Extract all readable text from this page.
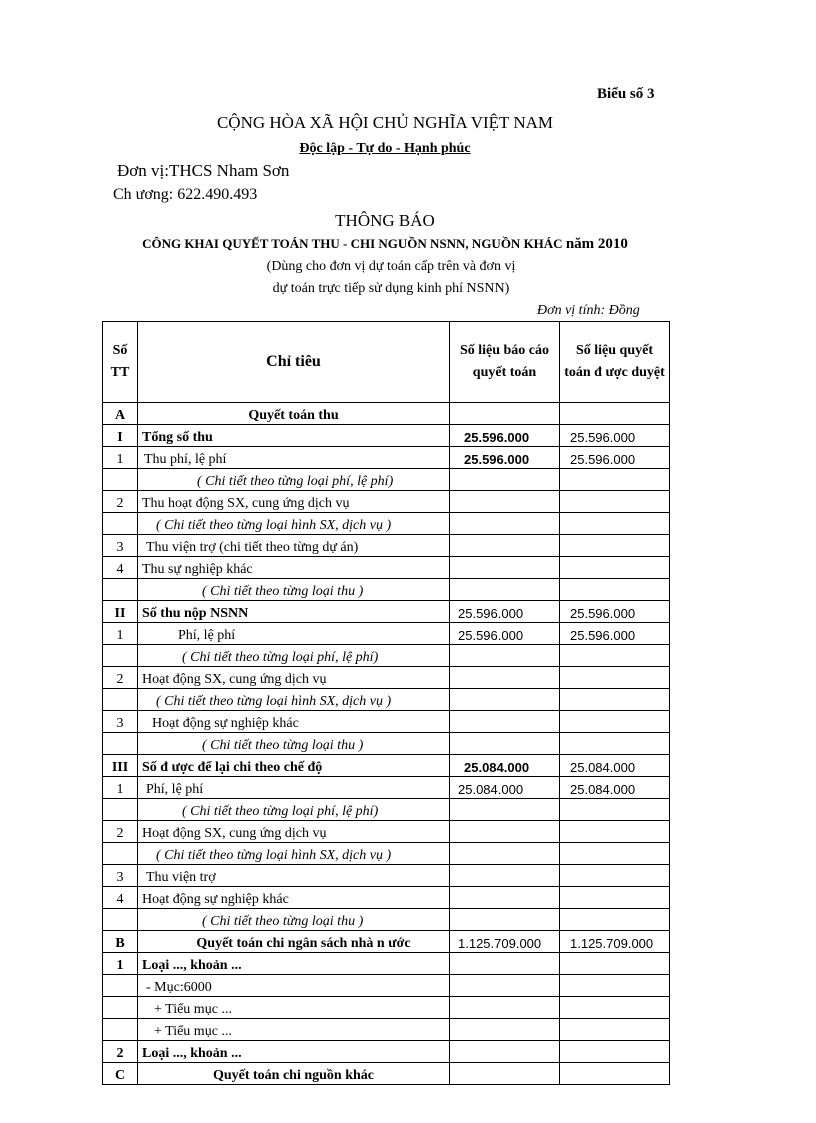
Biểu số 3
CỘNG HÒA XÃ HỘI CHỦ NGHĨA VIỆT NAM
Độc lập - Tự do - Hạnh phúc
Đơn vị:THCS Nham Sơn
Ch ương: 622.490.493
THÔNG BÁO
CÔNG KHAI QUYẾT TOÁN THU - CHI NGUỒN NSNN, NGUỒN KHÁC năm 2010
(Dùng cho đơn vị dự toán cấp trên và đơn vị
dự toán trực tiếp sử dụng kinh phí NSNN)
Đơn vị tính: Đồng
Số TT	Chỉ tiêu	Số liệu báo cáo quyết toán	Số liệu quyết toán đ ược duyệt
A	Quyết toán thu		
I	Tổng số thu	25.596.000	25.596.000
1	Thu phí, lệ phí	25.596.000	25.596.000
	( Chi tiết theo từng loại phí, lệ phí)		
2	Thu hoạt động SX, cung ứng dịch vụ		
	( Chi tiết theo từng loại hình SX, dịch vụ )		
3	Thu viện trợ (chi tiết theo từng dự án)		
4	Thu sự nghiệp khác		
	( Chi tiết theo từng loại thu )		
II	Số thu nộp NSNN	25.596.000	25.596.000
1	Phí, lệ phí	25.596.000	25.596.000
	( Chi tiết theo từng loại phí, lệ phí)		
2	Hoạt động SX, cung ứng dịch vụ		
	( Chi tiết theo từng loại hình SX, dịch vụ )		
3	Hoạt động sự nghiệp khác		
	( Chi tiết theo từng loại thu )		
III	Số đ ược để lại chi theo chế độ	25.084.000	25.084.000
1	Phí, lệ phí	25.084.000	25.084.000
	( Chi tiết theo từng loại phí, lệ phí)		
2	Hoạt động SX, cung ứng dịch vụ		
	( Chi tiết theo từng loại hình SX, dịch vụ )		
3	Thu viện trợ		
4	Hoạt động sự nghiệp khác		
	( Chi tiết theo từng loại thu )		
B	Quyết toán chi ngân sách nhà n ước	1.125.709.000	1.125.709.000
1	Loại ..., khoản ...		
	- Mục:6000		
	+ Tiểu mục ...		
	+ Tiểu mục ...		
2	Loại ..., khoản ...		
C	Quyết toán chi nguồn khác		
